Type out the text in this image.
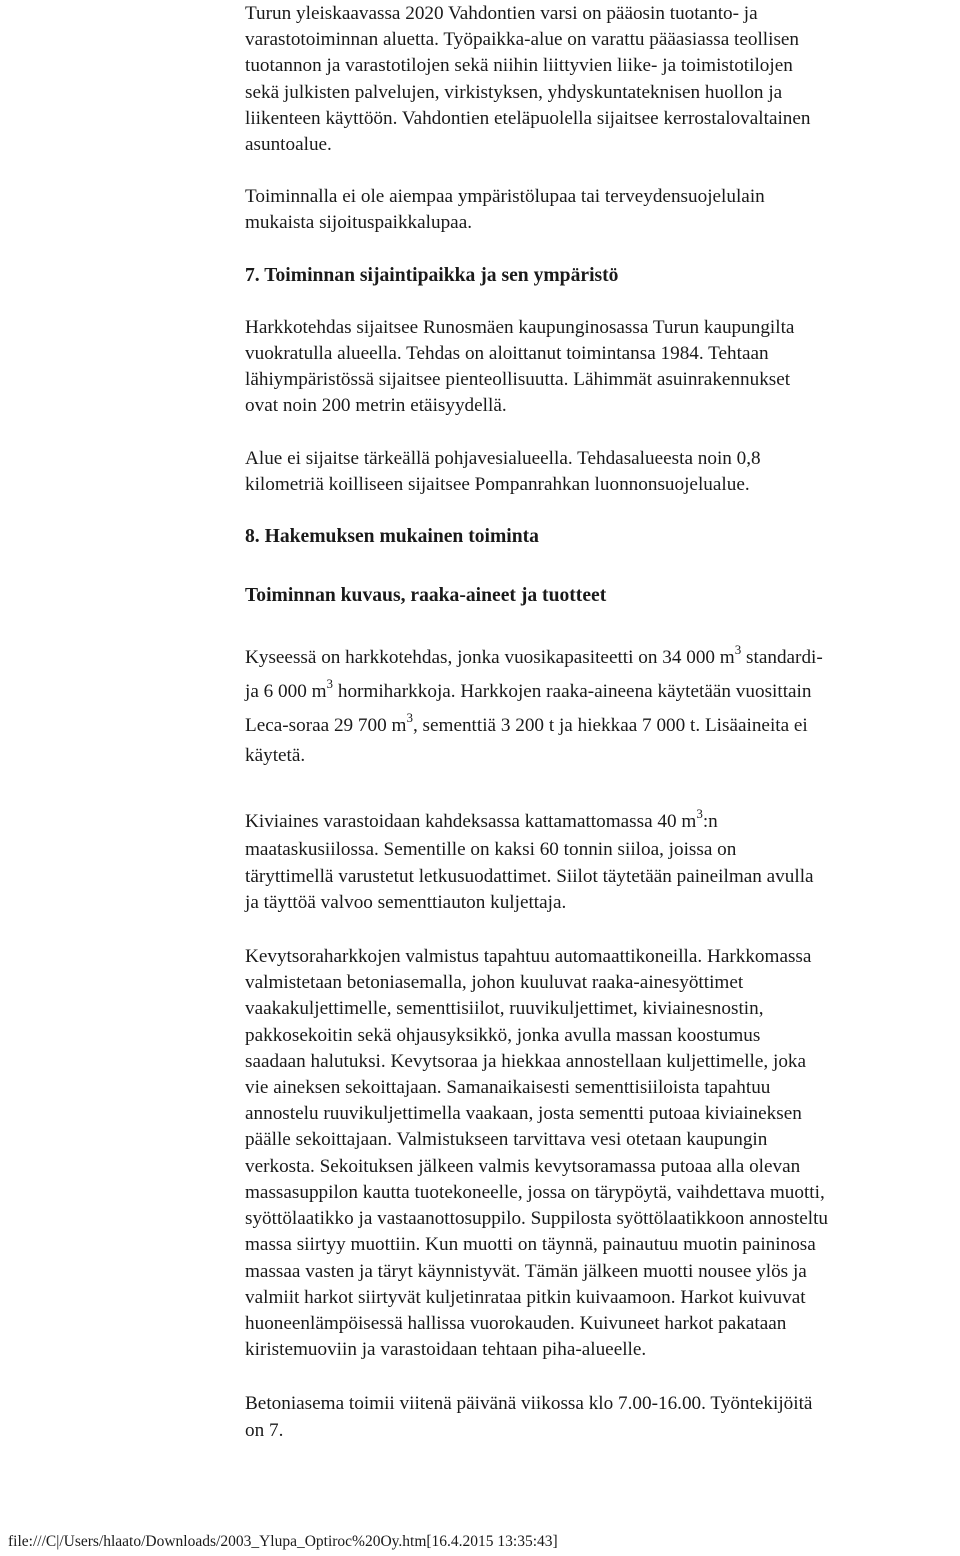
Turun yleiskaavassa 2020 Vahdontien varsi on pääosin tuotanto- ja

varastotoiminnan aluetta. Työpaikka-alue on varattu pääasiassa teollisen

tuotannon ja varastotilojen sekä niihin liittyvien liike- ja toimistotilojen

sekä julkisten palvelujen, virkistyksen, yhdyskuntateknisen huollon ja

liikenteen käyttöön. Vahdontien eteläpuolella sijaitsee kerrostalovaltainen

asuntoalue.

Toiminnalla ei ole aiempaa ympäristölupaa tai terveydensuojelulain

mukaista sijoituspaikkalupaa.

7. Toiminnan sijaintipaikka ja sen ympäristö

Harkkotehdas sijaitsee Runosmäen kaupunginosassa Turun kaupungilta

vuokratulla alueella. Tehdas on aloittanut toimintansa 1984. Tehtaan

lähiympäristössä sijaitsee pienteollisuutta. Lähimmät asuinrakennukset

ovat noin 200 metrin etäisyydellä.

Alue ei sijaitse tärkeällä pohjavesialueella. Tehdasalueesta noin 0,8

kilometriä koilliseen sijaitsee Pompanrahkan luonnonsuojelualue.

8. Hakemuksen mukainen toiminta

Toiminnan kuvaus, raaka-aineet ja tuotteet

Kyseessä on harkkotehdas, jonka vuosikapasiteetti on 34 000 $m^3$ standardi-

ja 6 000 $m^3$ hormiharkkoja. Harkkojen raaka-aineena käytetään vuosittain

Leca-soraa 29 700 $m^3$, sementtiä 3 200 t ja hiekkaa 7 000 t. Lisäaineita ei

käytetä.

Kiviaines varastoidaan kahdeksassa kattamattomassa 40 $m^3:n$

maataskusiilossa. Sementille on kaksi 60 tonnin siiloa, joissa on

täryttimellä varustetut letkusuodattimet. Siilot täytetään paineilman avulla

ja täyttöä valvoo sementtiauton kuljettaja.

Kevytsoraharkkojen valmistus tapahtuu automaattikoneilla. Harkkomassa

valmistetaan betoniasemalla, johon kuuluvat raaka-ainesyöttimet

vaakakuljettimelle, sementtisiilot, ruuvikuljettimet, kiviainesnostin,

pakkosekoitin sekä ohjausyksikkö, jonka avulla massan koostumus

saadaan halutuksi. Kevytsoraa ja hiekkaa annostellaan kuljettimelle, joka

vie aineksen sekoittajaan. Samanaikaisesti sementtisiiloista tapahtuu

annostelu ruuvikuljettimella vaakaan, josta sementti putoaa kiviaineksen

päälle sekoittajaan. Valmistukseen tarvittava vesi otetaan kaupungin

verkosta. Sekoituksen jälkeen valmis kevytsoramassa putoaa alla olevan

massasuppilon kautta tuotekoneelle, jossa on tärypöytä, vaihdettava muotti,

syöttölaatikko ja vastaanottosuppilo. Suppilosta syöttölaatikkoon annosteltu

massa siirtyy muottiin. Kun muotti on täynnä, painautuu muotin paininosa

massaa vasten ja täryt käynnistyvät. Tämän jälkeen muotti nousee ylös ja

valmiit harkot siirtyvät kuljetinrataa pitkin kuivaamoon. Harkot kuivuvat

huoneenlämpöisessä hallissa vuorokauden. Kuivuneet harkot pakataan

kiristemuoviin ja varastoidaan tehtaan piha-alueelle.

Betoniasema toimii viitenä päivänä viikossa klo 7.00-16.00. Työntekijöitä

on 7.

file:///C|/Users/hlaato/Downloads/2003_Ylupa_Optiroc%20Oy.htm[16.4.2015 13:35:43]
